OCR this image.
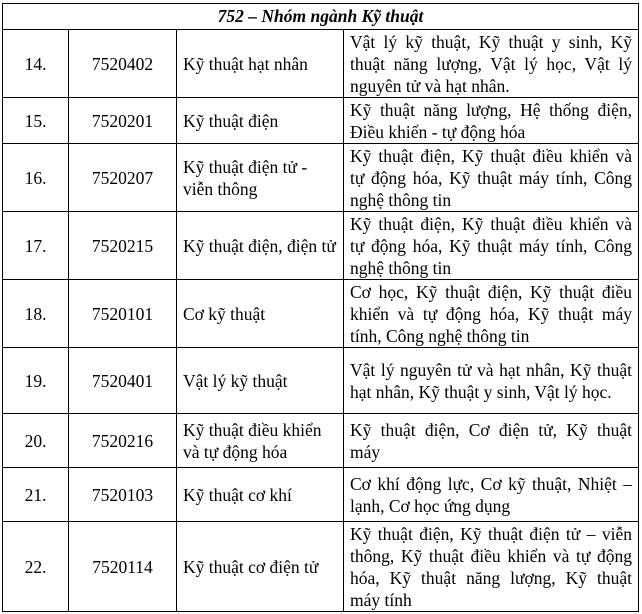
752 – Nhóm ngành Kỹ thuật			
14.	7520402	Kỹ thuật hạt nhân	Vật lý kỹ thuật, Kỹ thuật y sinh, Kỹ thuật năng lượng, Vật lý học, Vật lý nguyên tử và hạt nhân.
15.	7520201	Kỹ thuật điện	Kỹ thuật năng lượng, Hệ thống điện, Điều khiển - tự động hóa
16.	7520207	Kỹ thuật điện tử - viễn thông	Kỹ thuật điện, Kỹ thuật điều khiển và tự động hóa, Kỹ thuật máy tính, Công nghệ thông tin
17.	7520215	Kỹ thuật điện, điện tử	Kỹ thuật điện, Kỹ thuật điều khiển và tự động hóa, Kỹ thuật máy tính, Công nghệ thông tin
18.	7520101	Cơ kỹ thuật	Cơ học, Kỹ thuật điện, Kỹ thuật điều khiển và tự động hóa, Kỹ thuật máy tính, Công nghệ thông tin
19.	7520401	Vật lý kỹ thuật	Vật lý nguyên tử và hạt nhân, Kỹ thuật hạt nhân, Kỹ thuật y sinh, Vật lý học.
20.	7520216	Kỹ thuật điều khiển và tự động hóa	Kỹ thuật điện, Cơ điện tử, Kỹ thuật máy
21.	7520103	Kỹ thuật cơ khí	Cơ khí động lực, Cơ kỹ thuật, Nhiệt – lạnh, Cơ học ứng dụng
22.	7520114	Kỹ thuật cơ điện tử	Kỹ thuật điện, Kỹ thuật điện tử – viễn thông, Kỹ thuật điều khiển và tự động hóa, Kỹ thuật năng lượng, Kỹ thuật máy tính
